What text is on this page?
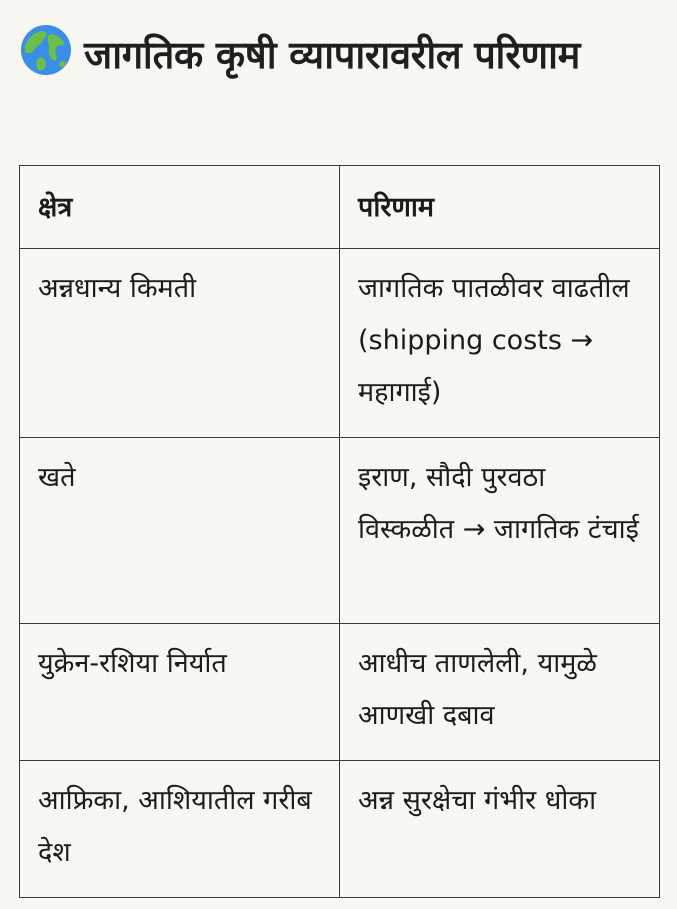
जागतिक कृषी व्यापारावरील परिणाम
क्षेत्र	परिणाम
अन्नधान्य किमती	जागतिक पातळीवर वाढतील (shipping costs → महागाई)
खते	इराण, सौदी पुरवठा विस्कळीत → जागतिक टंचाई
युक्रेन-रशिया निर्यात	आधीच ताणलेली, यामुळे आणखी दबाव
आफ्रिका, आशियातील गरीब देश	अन्न सुरक्षेचा गंभीर धोका
